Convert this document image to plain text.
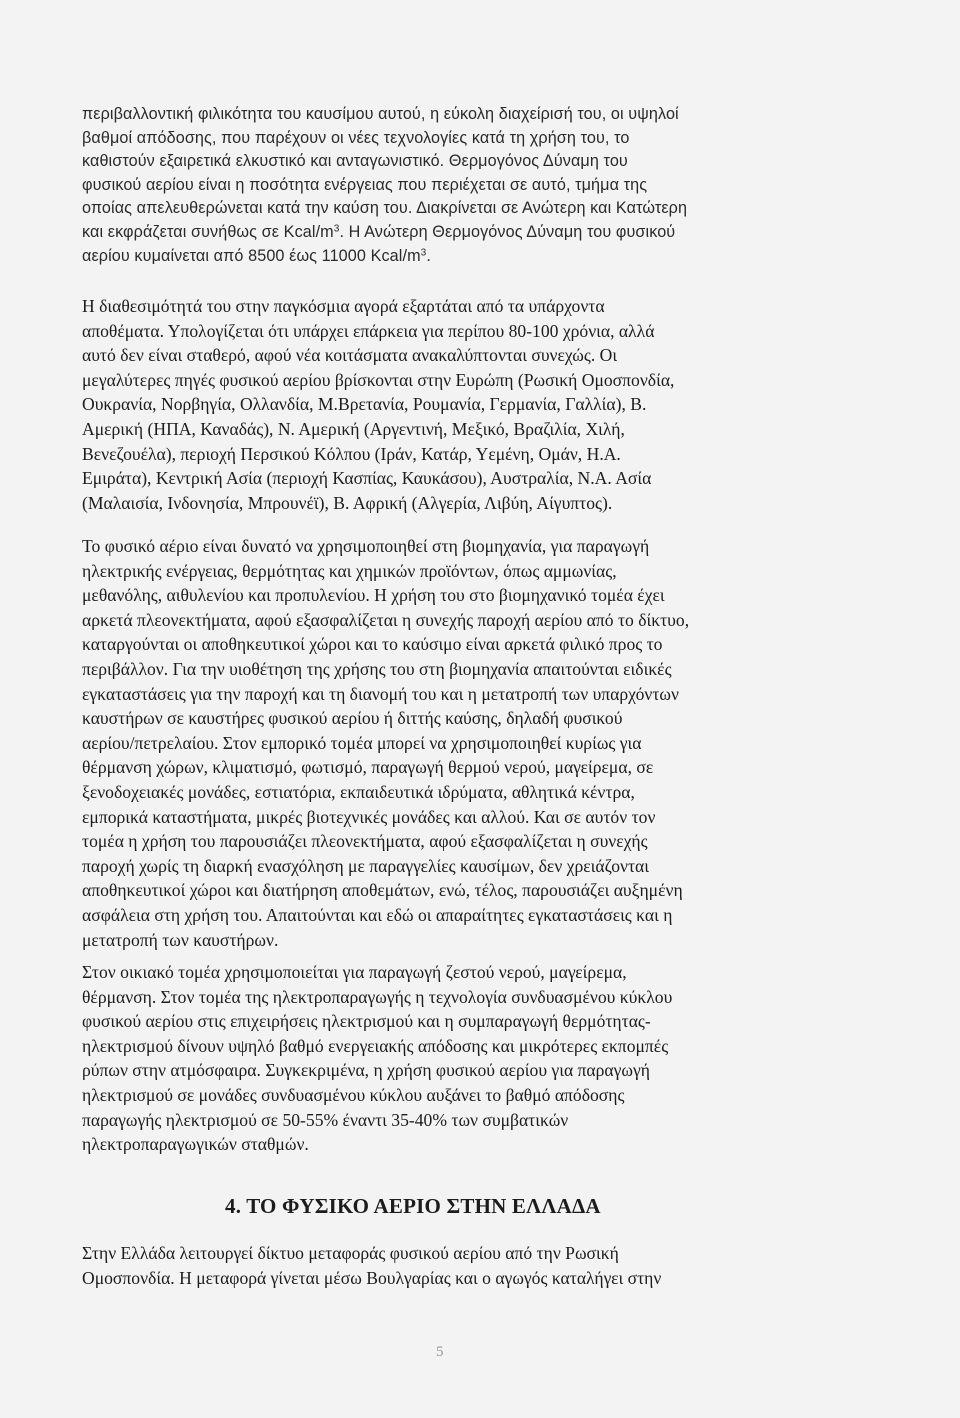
περιβαλλοντική φιλικότητα του καυσίμου αυτού, η εύκολη διαχείρισή του, οι υψηλοί
βαθμοί απόδοσης, που παρέχουν οι νέες τεχνολογίες κατά τη χρήση του, το
καθιστούν εξαιρετικά ελκυστικό και ανταγωνιστικό. Θερμογόνος Δύναμη του
φυσικού αερίου είναι η ποσότητα ενέργειας που περιέχεται σε αυτό, τμήμα της
οποίας απελευθερώνεται κατά την καύση του. Διακρίνεται σε Ανώτερη και Κατώτερη
και εκφράζεται συνήθως σε Kcal/$m^3$. Η Ανώτερη Θερμογόνος Δύναμη του φυσικού
αερίου κυμαίνεται από 8500 έως 11000 Kcal/$m^3$.
Η διαθεσιμότητά του στην παγκόσμια αγορά εξαρτάται από τα υπάρχοντα
αποθέματα. Υπολογίζεται ότι υπάρχει επάρκεια για περίπου 80-100 χρόνια, αλλά
αυτό δεν είναι σταθερό, αφού νέα κοιτάσματα ανακαλύπτονται συνεχώς. Οι
μεγαλύτερες πηγές φυσικού αερίου βρίσκονται στην Ευρώπη (Ρωσική Ομοσπονδία,
Ουκρανία, Νορβηγία, Ολλανδία, Μ.Βρετανία, Ρουμανία, Γερμανία, Γαλλία), Β.
Αμερική (ΗΠΑ, Καναδάς), Ν. Αμερική (Αργεντινή, Μεξικό, Βραζιλία, Χιλή,
Βενεζουέλα), περιοχή Περσικού Κόλπου (Ιράν, Κατάρ, Υεμένη, Ομάν, Η.Α.
Εμιράτα), Κεντρική Ασία (περιοχή Κασπίας, Καυκάσου), Αυστραλία, Ν.Α. Ασία
(Μαλαισία, Ινδονησία, Μπρουνέϊ), Β. Αφρική (Αλγερία, Λιβύη, Αίγυπτος).
Το φυσικό αέριο είναι δυνατό να χρησιμοποιηθεί στη βιομηχανία, για παραγωγή
ηλεκτρικής ενέργειας, θερμότητας και χημικών προϊόντων, όπως αμμωνίας,
μεθανόλης, αιθυλενίου και προπυλενίου. Η χρήση του στο βιομηχανικό τομέα έχει
αρκετά πλεονεκτήματα, αφού εξασφαλίζεται η συνεχής παροχή αερίου από το δίκτυο,
καταργούνται οι αποθηκευτικοί χώροι και το καύσιμο είναι αρκετά φιλικό προς το
περιβάλλον. Για την υιοθέτηση της χρήσης του στη βιομηχανία απαιτούνται ειδικές
εγκαταστάσεις για την παροχή και τη διανομή του και η μετατροπή των υπαρχόντων
καυστήρων σε καυστήρες φυσικού αερίου ή διττής καύσης, δηλαδή φυσικού
αερίου/πετρελαίου. Στον εμπορικό τομέα μπορεί να χρησιμοποιηθεί κυρίως για
θέρμανση χώρων, κλιματισμό, φωτισμό, παραγωγή θερμού νερού, μαγείρεμα, σε
ξενοδοχειακές μονάδες, εστιατόρια, εκπαιδευτικά ιδρύματα, αθλητικά κέντρα,
εμπορικά καταστήματα, μικρές βιοτεχνικές μονάδες και αλλού. Και σε αυτόν τον
τομέα η χρήση του παρουσιάζει πλεονεκτήματα, αφού εξασφαλίζεται η συνεχής
παροχή χωρίς τη διαρκή ενασχόληση με παραγγελίες καυσίμων, δεν χρειάζονται
αποθηκευτικοί χώροι και διατήρηση αποθεμάτων, ενώ, τέλος, παρουσιάζει αυξημένη
ασφάλεια στη χρήση του. Απαιτούνται και εδώ οι απαραίτητες εγκαταστάσεις και η
μετατροπή των καυστήρων.
Στον οικιακό τομέα χρησιμοποιείται για παραγωγή ζεστού νερού, μαγείρεμα,
θέρμανση. Στον τομέα της ηλεκτροπαραγωγής η τεχνολογία συνδυασμένου κύκλου
φυσικού αερίου στις επιχειρήσεις ηλεκτρισμού και η συμπαραγωγή θερμότητας-
ηλεκτρισμού δίνουν υψηλό βαθμό ενεργειακής απόδοσης και μικρότερες εκπομπές
ρύπων στην ατμόσφαιρα. Συγκεκριμένα, η χρήση φυσικού αερίου για παραγωγή
ηλεκτρισμού σε μονάδες συνδυασμένου κύκλου αυξάνει το βαθμό απόδοσης
παραγωγής ηλεκτρισμού σε 50-55% έναντι 35-40% των συμβατικών
ηλεκτροπαραγωγικών σταθμών.
4. ΤΟ ΦΥΣΙΚΟ ΑΕΡΙΟ ΣΤΗΝ ΕΛΛΑΔΑ
Στην Ελλάδα λειτουργεί δίκτυο μεταφοράς φυσικού αερίου από την Ρωσική
Ομοσπονδία. Η μεταφορά γίνεται μέσω Βουλγαρίας και ο αγωγός καταλήγει στην
5
